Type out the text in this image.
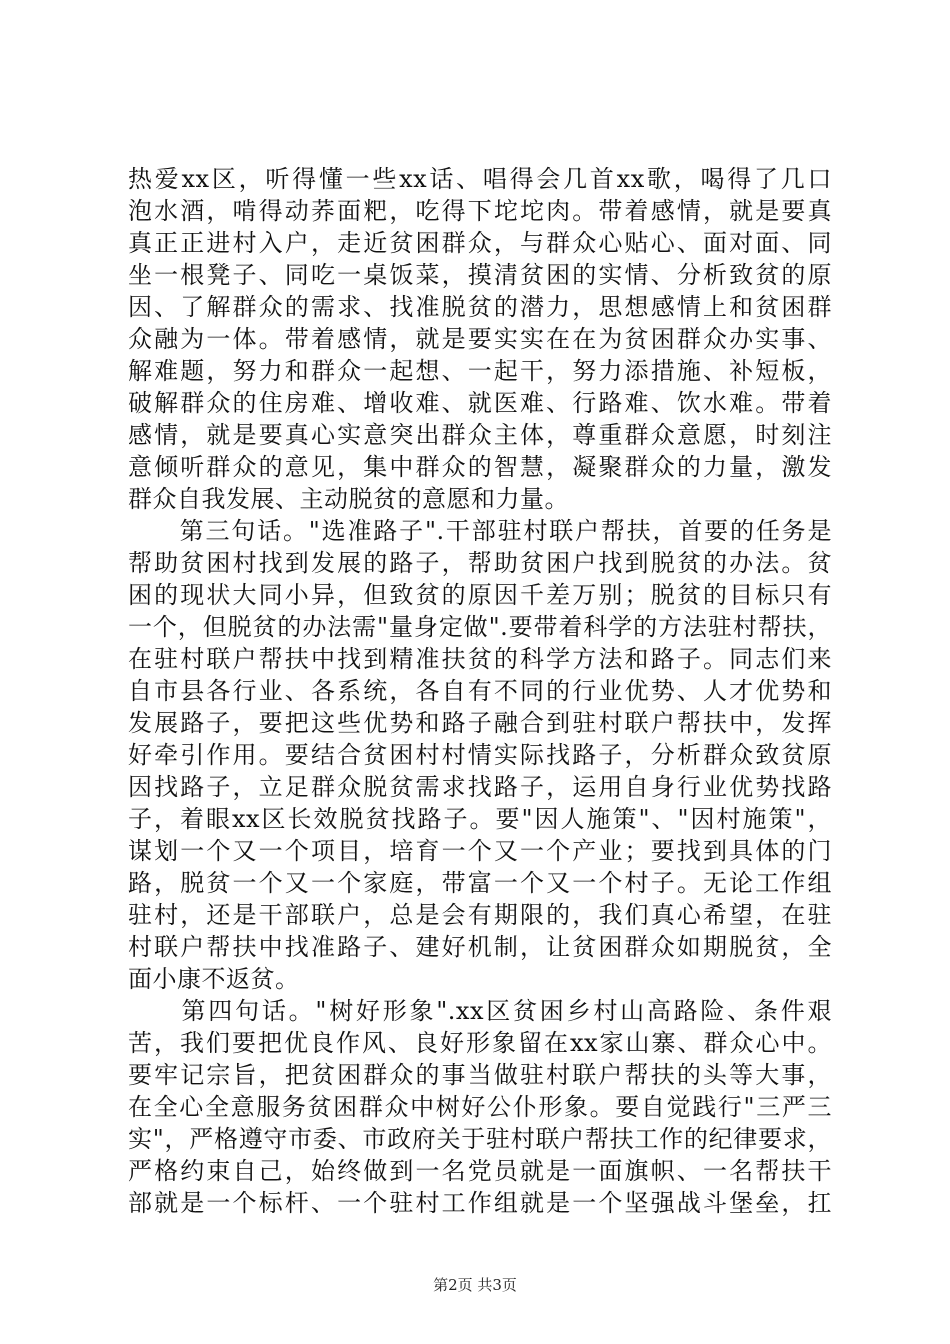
热爱xx区，听得懂一些xx话、唱得会几首xx歌，喝得了几口
泡水酒，啃得动荞面粑，吃得下坨坨肉。带着感情，就是要真
真正正进村入户，走近贫困群众，与群众心贴心、面对面、同
坐一根凳子、同吃一桌饭菜，摸清贫困的实情、分析致贫的原
因、了解群众的需求、找准脱贫的潜力，思想感情上和贫困群
众融为一体。带着感情，就是要实实在在为贫困群众办实事、
解难题，努力和群众一起想、一起干，努力添措施、补短板，
破解群众的住房难、增收难、就医难、行路难、饮水难。带着
感情，就是要真心实意突出群众主体，尊重群众意愿，时刻注
意倾听群众的意见，集中群众的智慧，凝聚群众的力量，激发
群众自我发展、主动脱贫的意愿和力量。
　　第三句话。"选准路子".干部驻村联户帮扶，首要的任务是
帮助贫困村找到发展的路子，帮助贫困户找到脱贫的办法。贫
困的现状大同小异，但致贫的原因千差万别；脱贫的目标只有
一个，但脱贫的办法需"量身定做".要带着科学的方法驻村帮扶，
在驻村联户帮扶中找到精准扶贫的科学方法和路子。同志们来
自市县各行业、各系统，各自有不同的行业优势、人才优势和
发展路子，要把这些优势和路子融合到驻村联户帮扶中，发挥
好牵引作用。要结合贫困村村情实际找路子，分析群众致贫原
因找路子，立足群众脱贫需求找路子，运用自身行业优势找路
子，着眼xx区长效脱贫找路子。要"因人施策"、"因村施策"，
谋划一个又一个项目，培育一个又一个产业；要找到具体的门
路，脱贫一个又一个家庭，带富一个又一个村子。无论工作组
驻村，还是干部联户，总是会有期限的，我们真心希望，在驻
村联户帮扶中找准路子、建好机制，让贫困群众如期脱贫，全
面小康不返贫。
　　第四句话。"树好形象".xx区贫困乡村山高路险、条件艰
苦，我们要把优良作风、良好形象留在xx家山寨、群众心中。
要牢记宗旨，把贫困群众的事当做驻村联户帮扶的头等大事，
在全心全意服务贫困群众中树好公仆形象。要自觉践行"三严三
实"，严格遵守市委、市政府关于驻村联户帮扶工作的纪律要求，
严格约束自己，始终做到一名党员就是一面旗帜、一名帮扶干
部就是一个标杆、一个驻村工作组就是一个坚强战斗堡垒，扛
第2页 共3页
